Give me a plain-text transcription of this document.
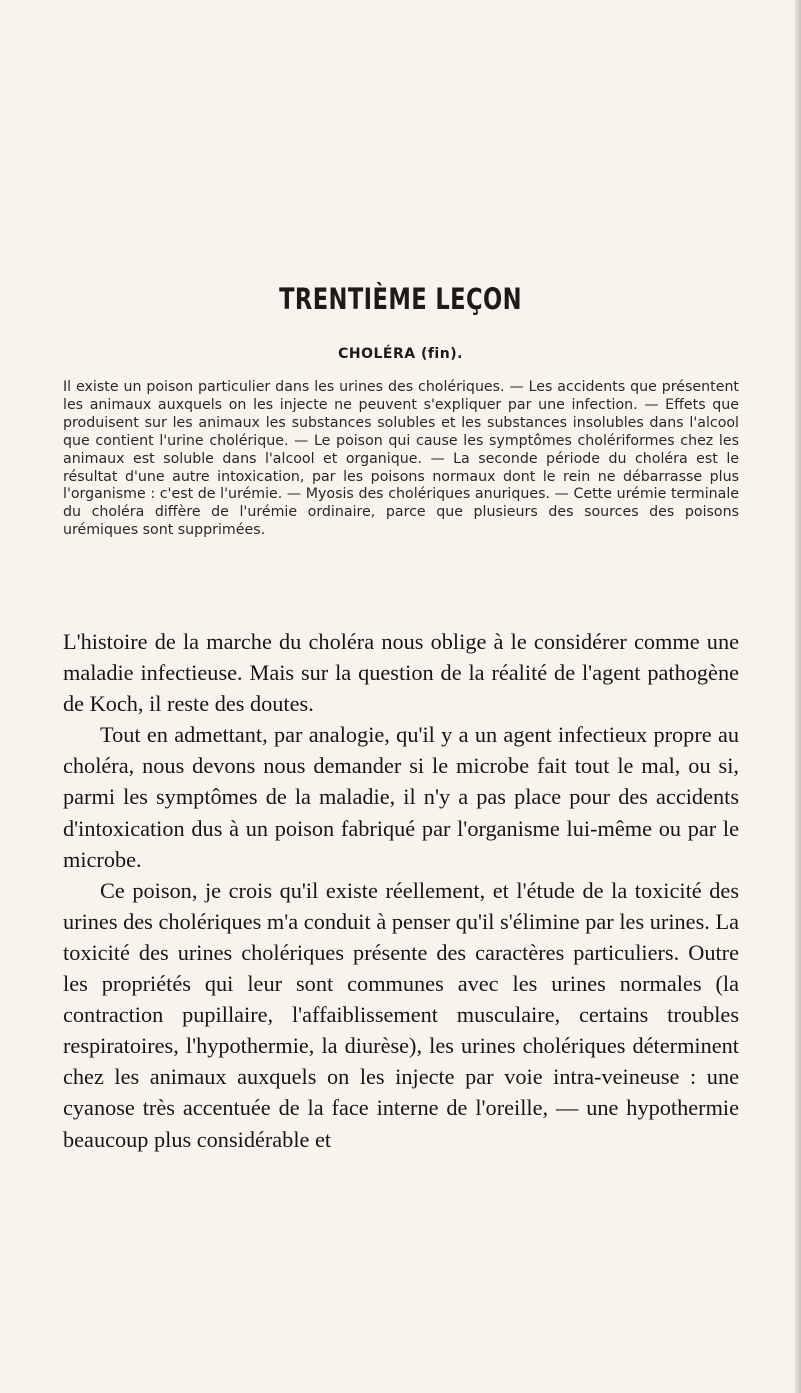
TRENTIÈME LEÇON
CHOLÉRA (fin).
Il existe un poison particulier dans les urines des cholériques. — Les accidents que présentent les animaux auxquels on les injecte ne peuvent s'expliquer par une infection. — Effets que produisent sur les animaux les substances solubles et les substances insolubles dans l'alcool que contient l'urine cholérique. — Le poison qui cause les symptômes cholériformes chez les animaux est soluble dans l'alcool et organique. — La seconde période du choléra est le résultat d'une autre intoxication, par les poisons normaux dont le rein ne débarrasse plus l'organisme : c'est de l'urémie. — Myosis des cholériques anuriques. — Cette urémie terminale du choléra diffère de l'urémie ordinaire, parce que plusieurs des sources des poisons urémiques sont supprimées.

L'histoire de la marche du choléra nous oblige à le considérer comme une maladie infectieuse. Mais sur la question de la réalité de l'agent pathogène de Koch, il reste des doutes.

Tout en admettant, par analogie, qu'il y a un agent infectieux propre au choléra, nous devons nous demander si le microbe fait tout le mal, ou si, parmi les symptômes de la maladie, il n'y a pas place pour des accidents d'intoxication dus à un poison fabriqué par l'organisme lui-même ou par le microbe.

Ce poison, je crois qu'il existe réellement, et l'étude de la toxicité des urines des cholériques m'a conduit à penser qu'il s'élimine par les urines. La toxicité des urines cholériques présente des caractères particuliers. Outre les propriétés qui leur sont communes avec les urines normales (la contraction pupillaire, l'affaiblissement musculaire, certains troubles respiratoires, l'hypothermie, la diurèse), les urines cholériques déterminent chez les animaux auxquels on les injecte par voie intra-veineuse : une cyanose très accentuée de la face interne de l'oreille, — une hypothermie beaucoup plus considérable et
